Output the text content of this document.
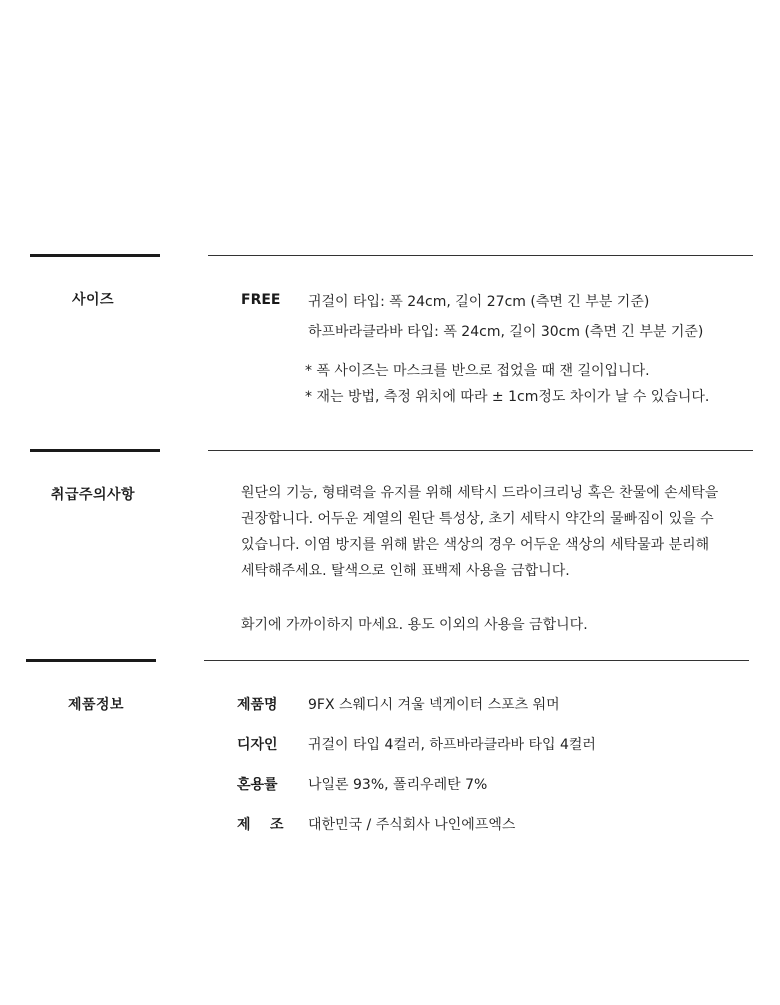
사이즈	FREE 귀걸이 타입: 폭 24cm, 길이 27cm (측면 긴 부분 기준)
하프바라클라바 타입: 폭 24cm, 길이 30cm (측면 긴 부분 기준)
* 폭 사이즈는 마스크를 반으로 접었을 때 잰 길이입니다.
* 재는 방법, 측정 위치에 따라 ± 1cm정도 차이가 날 수 있습니다.
취급주의사항	원단의 기능, 형태력을 유지를 위해 세탁시 드라이크리닝 혹은 찬물에 손세탁을
권장합니다. 어두운 계열의 원단 특성상, 초기 세탁시 약간의 물빠짐이 있을 수
있습니다. 이염 방지를 위해 밝은 색상의 경우 어두운 색상의 세탁물과 분리해
세탁해주세요. 탈색으로 인해 표백제 사용을 금합니다.
화기에 가까이하지 마세요. 용도 이외의 사용을 금합니다.
제품정보	제품명 9FX 스웨디시 겨울 넥게이터 스포츠 워머
디자인 귀걸이 타입 4컬러, 하프바라클라바 타입 4컬러
혼용률 나일론 93%, 폴리우레탄 7%
제    조 대한민국 / 주식회사 나인에프엑스
